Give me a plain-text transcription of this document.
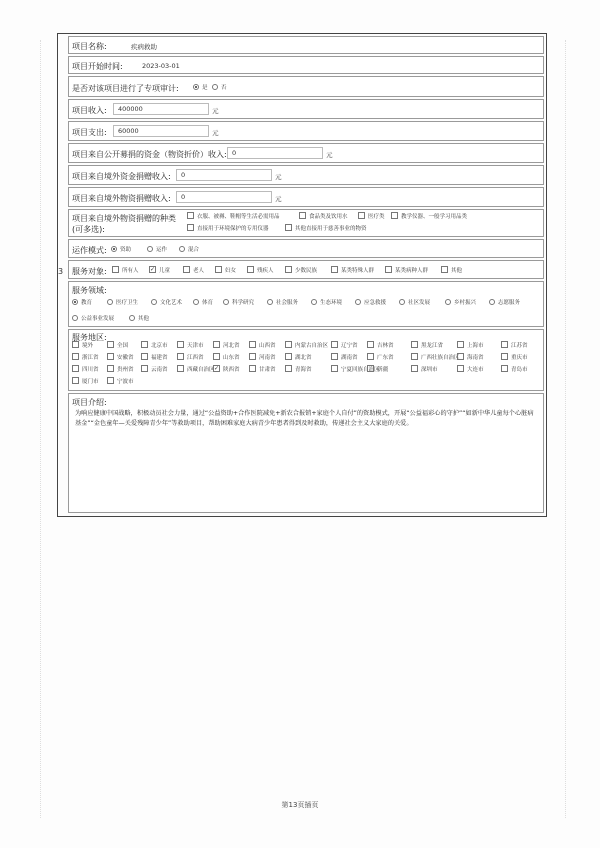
3
项目名称:	疾病救助
项目开始时间:	2023-03-01
是否对该项目进行了专项审计:	是	否
项目收入:	400000	元
项目支出:	60000	元
项目来自公开募捐的资金（物资折价）收入: 0	元
项目来自境外资金捐赠收入:	0	元
项目来自境外物资捐赠收入:	0	元
项目来自境外物资捐赠的种类
(可多选):
衣服、被褥、鞋帽等生活必需用品	食品类及饮用水	医疗类	教学仪器、一般学习用品类
直接用于环境保护的专用仪器	其他直接用于慈善事业的物资
运作模式:	资助	运作	混合
服务对象:	所有人 ✓ 儿童	老人	妇女	残疾人	少数民族	某类特殊人群	某类病种人群	其他
服务领域:
教育	医疗卫生	文化艺术	体育	科学研究	社会服务	生态环境	应急救援	社区发展	乡村振兴	志愿服务
公益事业发展	其他
服务地区:
境外	全国	北京市	天津市	河北省	山西省	内蒙古自治区	辽宁省	吉林省	黑龙江省	上海市	江苏省
浙江省	安徽省	福建省	江西省	山东省	河南省	湖北省	湖南省	广东省	广西壮族自治区	海南省	重庆市
四川省	贵州省	云南省	西藏自治区 ✓ 陕西省	甘肃省	青海省	宁夏回族自治区
新疆	深圳市	大连市	青岛市
厦门市	宁波市
项目介绍:
为响应健康中国战略，积极动员社会力量，通过“公益资助+合作医院减免+新农合报销+家庭个人自付”的资助模式，开展“公益福彩心的守护”“如新中华儿童每个心脏病基金”“金色童年—关爱残障青少年”等救助项目，帮助困难家庭大病青少年患者得到及时救助，传递社会主义大家庭的关爱。
第13页插页
